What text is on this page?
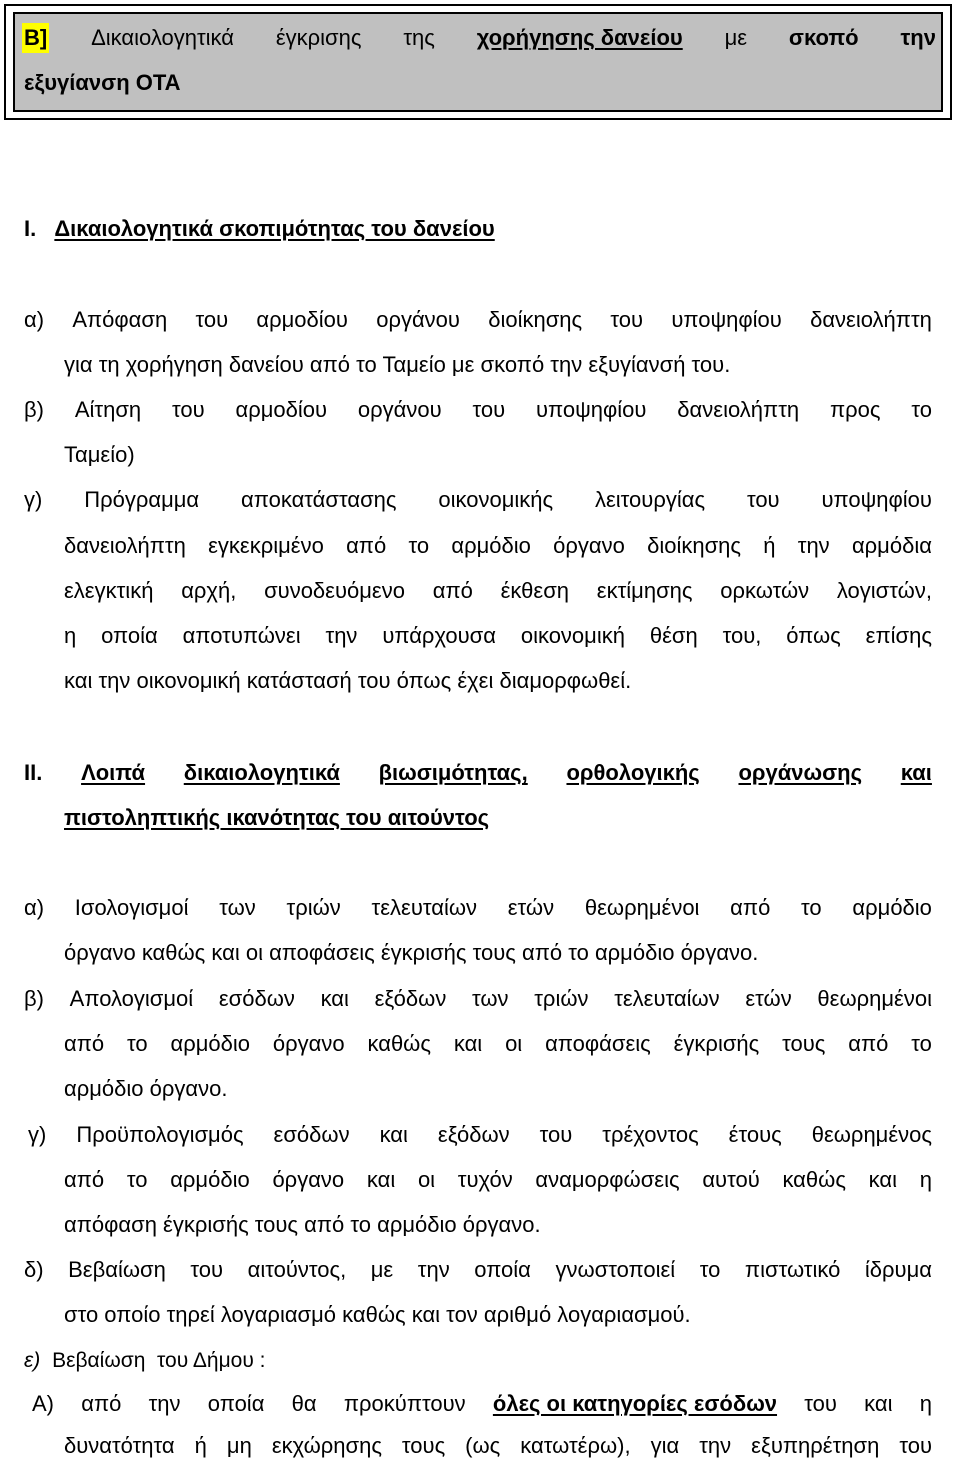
Β] Δικαιολογητικά έγκρισης της χορήγησης δανείου με σκοπό την
εξυγίανση ΟΤΑ
Ι. Δικαιολογητικά σκοπιμότητας του δανείου
α) Απόφαση του αρμοδίου οργάνου διοίκησης του υποψηφίου δανειολήπτη
για τη χορήγηση δανείου από το Ταμείο με σκοπό την εξυγίανσή του.
β) Αίτηση του αρμοδίου οργάνου του υποψηφίου δανειολήπτη προς το
Ταμείο)
γ) Πρόγραμμα αποκατάστασης οικονομικής λειτουργίας του υποψηφίου
δανειολήπτη εγκεκριμένο από το αρμόδιο όργανο διοίκησης ή την αρμόδια
ελεγκτική αρχή, συνοδευόμενο από έκθεση εκτίμησης ορκωτών λογιστών,
η οποία αποτυπώνει την υπάρχουσα οικονομική θέση του, όπως επίσης
και την οικονομική κατάστασή του όπως έχει διαμορφωθεί.
ΙΙ. Λοιπά δικαιολογητικά βιωσιμότητας, ορθολογικής οργάνωσης και
πιστοληπτικής ικανότητας του αιτούντος
α) Ισολογισμοί των τριών τελευταίων ετών θεωρημένοι από το αρμόδιο
όργανο καθώς και οι αποφάσεις έγκρισής τους από το αρμόδιο όργανο.
β) Απολογισμοί εσόδων και εξόδων των τριών τελευταίων ετών θεωρημένοι
από το αρμόδιο όργανο καθώς και οι αποφάσεις έγκρισής τους από το
αρμόδιο όργανο.
γ) Προϋπολογισμός εσόδων και εξόδων του τρέχοντος έτους θεωρημένος
από το αρμόδιο όργανο και οι τυχόν αναμορφώσεις αυτού καθώς και η
απόφαση έγκρισής τους από το αρμόδιο όργανο.
δ) Βεβαίωση του αιτούντος, με την οποία γνωστοποιεί το πιστωτικό ίδρυμα
στο οποίο τηρεί λογαριασμό καθώς και τον αριθμό λογαριασμού.
ε) Βεβαίωση  του Δήμου :
Α) από την οποία θα προκύπτουν όλες οι κατηγορίες εσόδων του και η
δυνατότητα ή μη εκχώρησης τους (ως κατωτέρω), για την εξυπηρέτηση του
